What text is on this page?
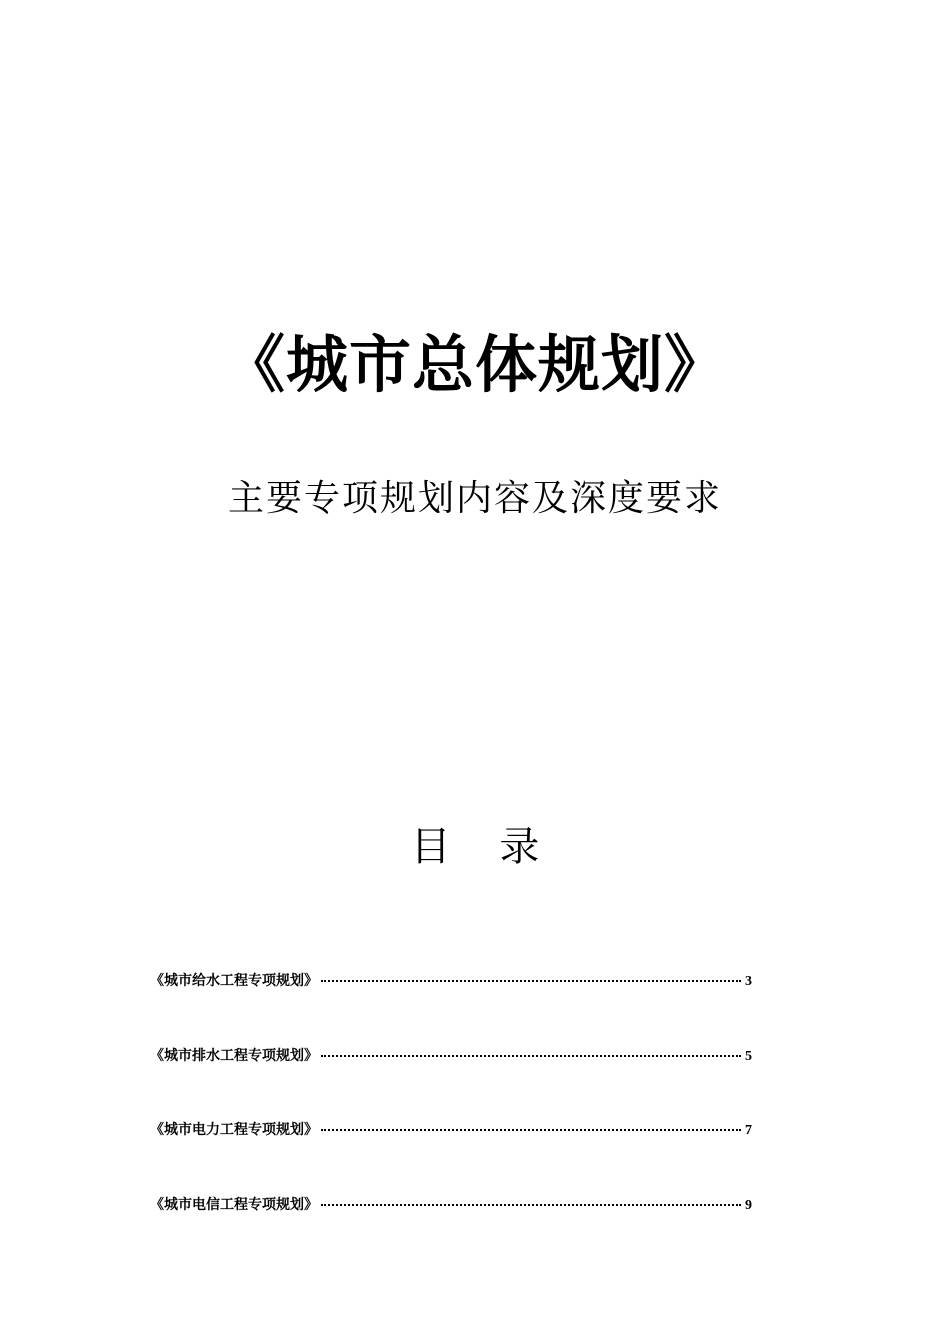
《城市总体规划》
主要专项规划内容及深度要求
目 录
《城市给水工程专项规划》	3
《城市排水工程专项规划》	5
《城市电力工程专项规划》	7
《城市电信工程专项规划》	9
